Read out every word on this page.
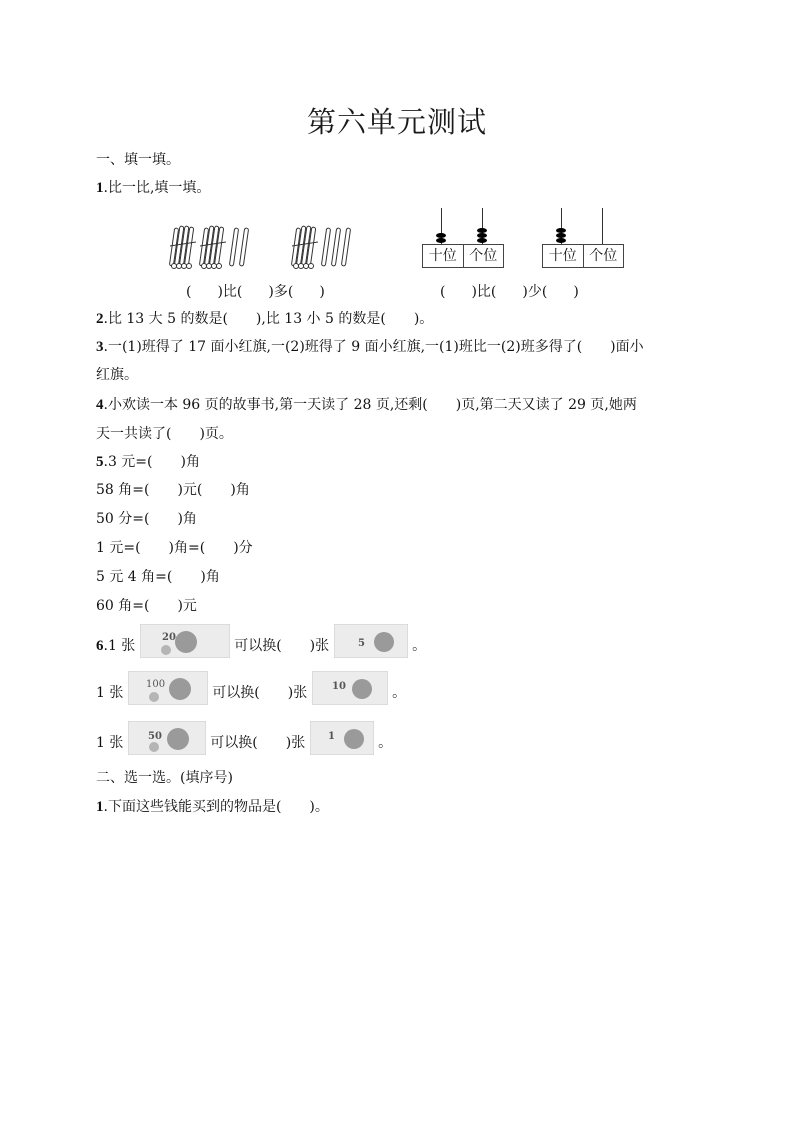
第六单元测试
一、填一填。
1.比一比,填一填。
( )比( )多( )
十位 个位	十位 个位
( )比( )少( )
2.比 13 大 5 的数是(　　),比 13 小 5 的数是(　　)。
3.一(1)班得了 17 面小红旗,一(2)班得了 9 面小红旗,一(1)班比一(2)班多得了(　　)面小
红旗。
4.小欢读一本 96 页的故事书,第一天读了 28 页,还剩(　　)页,第二天又读了 29 页,她两
天一共读了(　　)页。
5.3 元=(　　)角
58 角=(　　)元(　　)角
50 分=(　　)角
1 元=(　　)角=(　　)分
5 元 4 角=(　　)角
60 角=(　　)元
6.1 张
20
可以换(　　)张	5	。
1 张
100
可以换(　　)张 10	。
1 张 50	可以换(　　)张 1	。
二、选一选。(填序号)
1.下面这些钱能买到的物品是(　　)。
